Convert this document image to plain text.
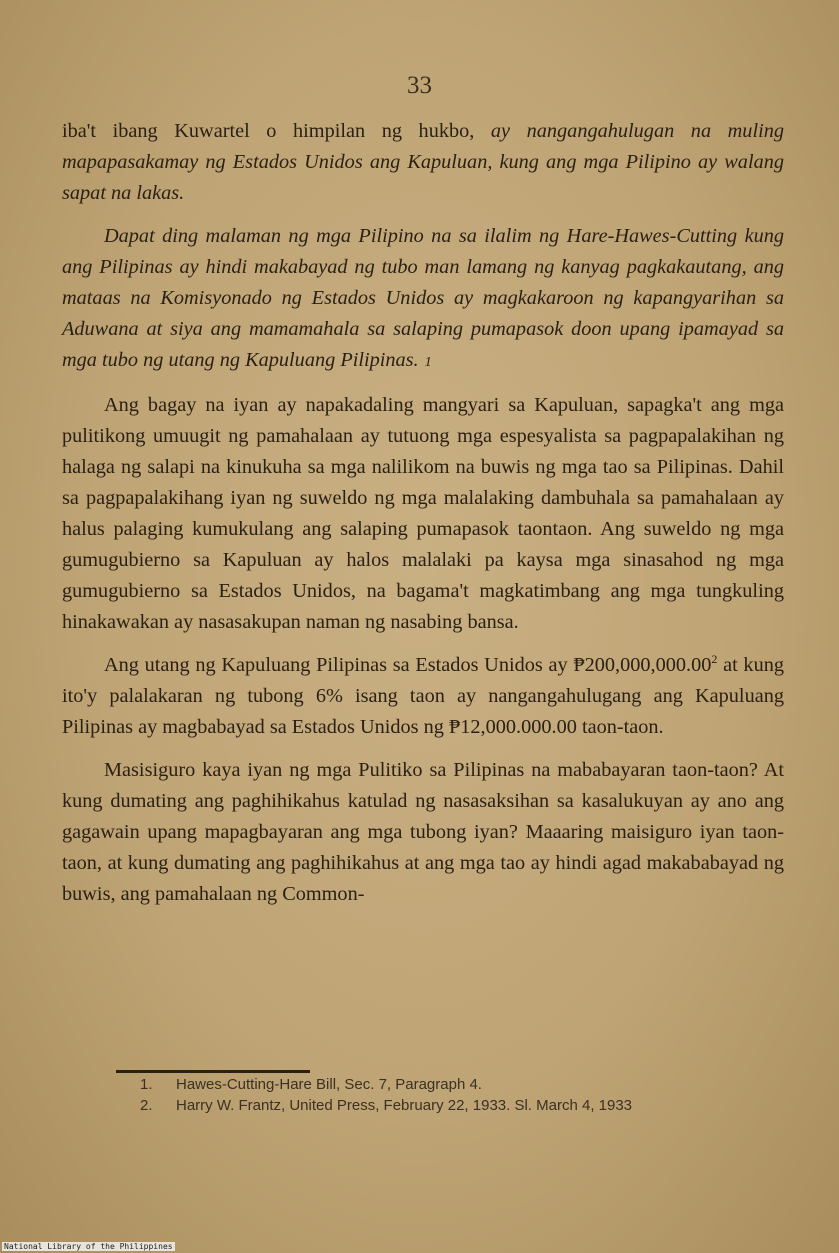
33

iba't ibang Kuwartel o himpilan ng hukbo, ay nangangahulugan na muling mapapasakamay ng Estados Unidos ang Kapuluan, kung ang mga Pilipino ay walang sapat na lakas.

Dapat ding malaman ng mga Pilipino na sa ilalim ng Hare-Hawes-Cutting kung ang Pilipinas ay hindi makabayad ng tubo man lamang ng kanyag pagkakautang, ang mataas na Komisyonado ng Estados Unidos ay magkakaroon ng kapangyarihan sa Aduwana at siya ang mamamahala sa salaping pumapasok doon upang ipamayad sa mga tubo ng utang ng Kapuluang Pilipinas. 1

Ang bagay na iyan ay napakadaling mangyari sa Kapuluan, sapagka't ang mga pulitikong umuugit ng pamahalaan ay tutuong mga espesyalista sa pagpapalakihan ng halaga ng salapi na kinukuha sa mga nalilikom na buwis ng mga tao sa Pilipinas. Dahil sa pagpapalakihang iyan ng suweldo ng mga malalaking dambuhala sa pamahalaan ay halus palaging kumukulang ang salaping pumapasok taontaon. Ang suweldo ng mga gumugubierno sa Kapuluan ay halos malalaki pa kaysa mga sinasahod ng mga gumugubierno sa Estados Unidos, na bagama't magkatimbang ang mga tungkuling hinakawakan ay nasasakupan naman ng nasabing bansa.

Ang utang ng Kapuluang Pilipinas sa Estados Unidos ay ₱200,000,000.00$^2$ at kung ito'y palalakaran ng tubong 6% isang taon ay nangangahulugang ang Kapuluang Pilipinas ay magbabayad sa Estados Unidos ng ₱12,000.000.00 taon-taon.

Masisiguro kaya iyan ng mga Pulitiko sa Pilipinas na mababayaran taon-taon? At kung dumating ang paghihikahus katulad ng nasasaksihan sa kasalukuyan ay ano ang gagawain upang mapagbayaran ang mga tubong iyan? Maaaring maisiguro iyan taon-taon, at kung dumating ang paghihikahus at ang mga tao ay hindi agad makababayad ng buwis, ang pamahalaan ng Common-

1.	Hawes-Cutting-Hare Bill, Sec. 7, Paragraph 4.
2.	Harry W. Frantz, United Press, February 22, 1933. Sl. March 4, 1933
National Library of the Philippines
